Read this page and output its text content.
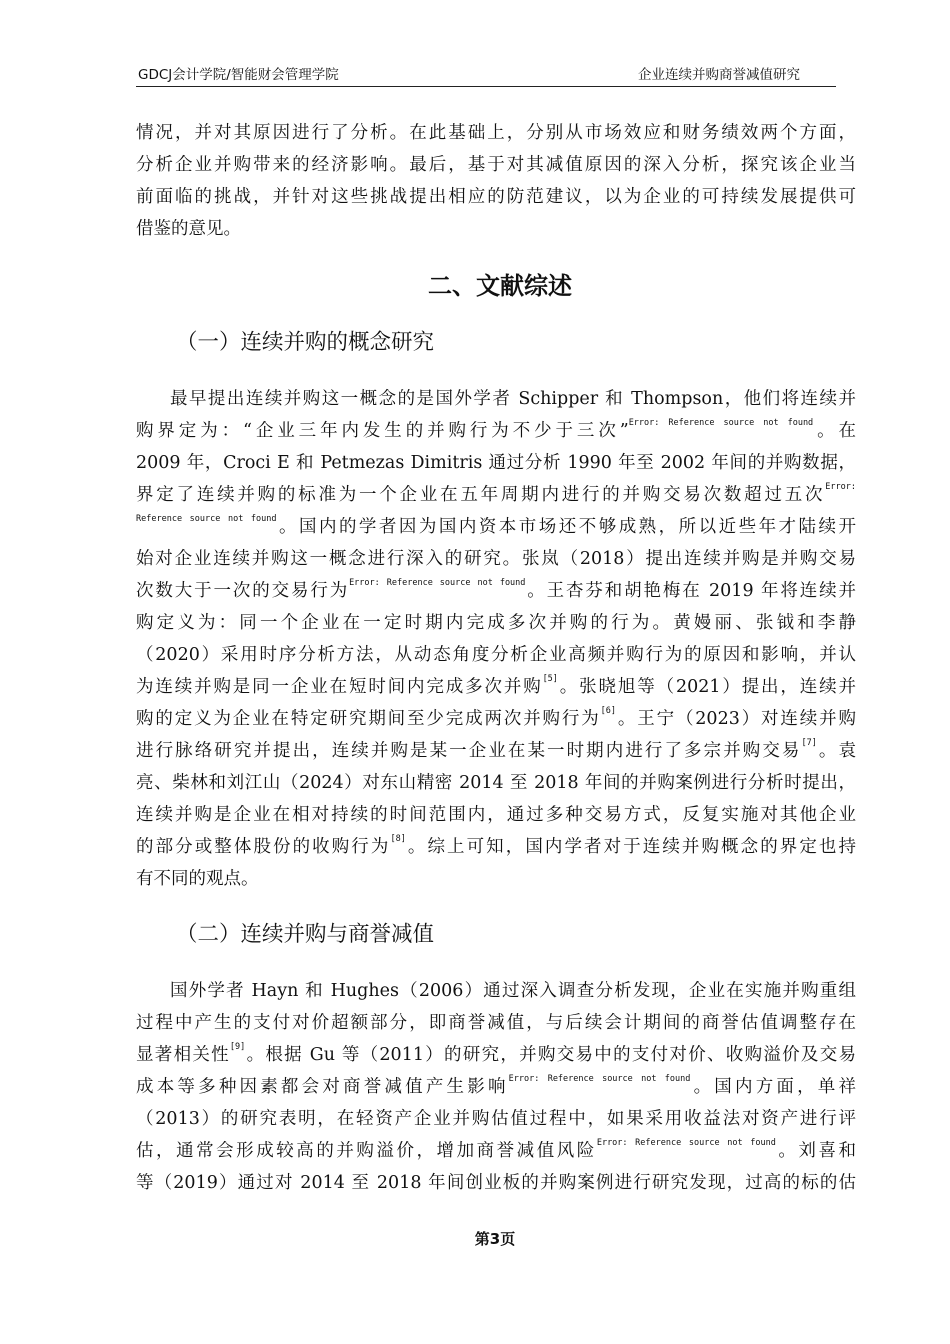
GDCJ会计学院/智能财会管理学院	企业连续并购商誉减值研究
情况，并对其原因进行了分析。在此基础上，分别从市场效应和财务绩效两个方面，
分析企业并购带来的经济影响。最后，基于对其减值原因的深入分析，探究该企业当
前面临的挑战，并针对这些挑战提出相应的防范建议，以为企业的可持续发展提供可
借鉴的意见。
二、文献综述
（一）连续并购的概念研究
最早提出连续并购这一概念的是国外学者 Schipper 和 Thompson，他们将连续并
购界定为：“企业三年内发生的并购行为不少于三次”$^{Error: Reference source not found}$。在
2009 年，Croci E 和 Petmezas Dimitris 通过分析 1990 年至 2002 年间的并购数据，
界定了连续并购的标准为一个企业在五年周期内进行的并购交易次数超过五次$^{Error:}$
$^{Reference source not found}$。国内的学者因为国内资本市场还不够成熟，所以近些年才陆续开
始对企业连续并购这一概念进行深入的研究。张岚（2018）提出连续并购是并购交易
次数大于一次的交易行为$^{Error: Reference source not found}$。王杏芬和胡艳梅在 2019 年将连续并
购定义为：同一个企业在一定时期内完成多次并购的行为。黄嫚丽、张钺和李静
（2020）采用时序分析方法，从动态角度分析企业高频并购行为的原因和影响，并认
为连续并购是同一企业在短时间内完成多次并购[5]。张晓旭等（2021）提出，连续并
购的定义为企业在特定研究期间至少完成两次并购行为[6]。王宁（2023）对连续并购
进行脉络研究并提出，连续并购是某一企业在某一时期内进行了多宗并购交易[7]。袁
亮、柴林和刘江山（2024）对东山精密 2014 至 2018 年间的并购案例进行分析时提出，
连续并购是企业在相对持续的时间范围内，通过多种交易方式，反复实施对其他企业
的部分或整体股份的收购行为[8]。综上可知，国内学者对于连续并购概念的界定也持
有不同的观点。
（二）连续并购与商誉减值
国外学者 Hayn 和 Hughes（2006）通过深入调查分析发现，企业在实施并购重组
过程中产生的支付对价超额部分，即商誉减值，与后续会计期间的商誉估值调整存在
显著相关性[9]。根据 Gu 等（2011）的研究，并购交易中的支付对价、收购溢价及交易
成本等多种因素都会对商誉减值产生影响$^{Error: Reference source not found}$。国内方面，单祥
（2013）的研究表明，在轻资产企业并购估值过程中，如果采用收益法对资产进行评
估，通常会形成较高的并购溢价，增加商誉减值风险$^{Error: Reference source not found}$。刘喜和
等（2019）通过对 2014 至 2018 年间创业板的并购案例进行研究发现，过高的标的估
第3页
